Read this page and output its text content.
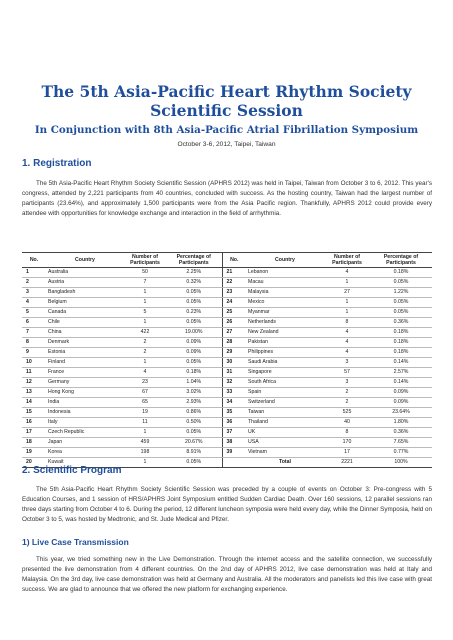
The 5th Asia-Pacific Heart Rhythm Society
Scientific Session
In Conjunction with 8th Asia-Pacific Atrial Fibrillation Symposium
October 3-6, 2012, Taipei, Taiwan
1. Registration
The 5th Asia-Pacific Heart Rhythm Society Scientific Session (APHRS 2012) was held in Taipei, Taiwan from October 3 to 6, 2012. This year's congress, attended by 2,221 participants from 40 countries, concluded with success. As the hosting country, Taiwan had the largest number of participants (23.64%), and approximately 1,500 participants were from the Asia Pacific region. Thankfully, APHRS 2012 could provide every attendee with opportunities for knowledge exchange and interaction in the field of arrhythmia.
No.	Country	Number of Participants	Percentage of Participants	No.	Country	Number of Participants	Percentage of Participants
1	Australia	50	2.25%	21	Lebanon	4	0.18%
2	Austria	7	0.32%	22	Macau	1	0.05%
3	Bangladesh	1	0.05%	23	Malaysia	27	1.22%
4	Belgium	1	0.05%	24	Mexico	1	0.05%
5	Canada	5	0.23%	25	Myanmar	1	0.05%
6	Chile	1	0.05%	26	Netherlands	8	0.36%
7	China	422	19.00%	27	New Zealand	4	0.18%
8	Denmark	2	0.09%	28	Pakistan	4	0.18%
9	Estonia	2	0.09%	29	Philippines	4	0.18%
10	Finland	1	0.05%	30	Saudi Arabia	3	0.14%
11	France	4	0.18%	31	Singapore	57	2.57%
12	Germany	23	1.04%	32	South Africa	3	0.14%
13	Hong Kong	67	3.02%	33	Spain	2	0.09%
14	India	65	2.93%	34	Switzerland	2	0.09%
15	Indonesia	19	0.86%	35	Taiwan	525	23.64%
16	Italy	11	0.50%	36	Thailand	40	1.80%
17	Czech Republic	1	0.05%	37	UK	8	0.36%
18	Japan	459	20.67%	38	USA	170	7.65%
19	Korea	198	8.91%	39	Vietnam	17	0.77%
20	Kuwait	1	0.05%		Total	2221	100%
2. Scientific Program
The 5th Asia-Pacific Heart Rhythm Society Scientific Session was preceded by a couple of events on October 3: Pre-congress with 5 Education Courses, and 1 session of HRS/APHRS Joint Symposium entitled Sudden Cardiac Death. Over 160 sessions, 12 parallel sessions ran three days starting from October 4 to 6. During the period, 12 different luncheon symposia were held every day, while the Dinner Symposia, held on October 3 to 5, was hosted by Medtronic, and St. Jude Medical and Pfizer.
1) Live Case Transmission
This year, we tried something new in the Live Demonstration. Through the internet access and the satellite connection, we successfully presented the live demonstration from 4 different countries. On the 2nd day of APHRS 2012, live case demonstration was held at Italy and Malaysia. On the 3rd day, live case demonstration was held at Germany and Australia. All the moderators and panelists led this live case with great success. We are glad to announce that we offered the new platform for exchanging experience.
